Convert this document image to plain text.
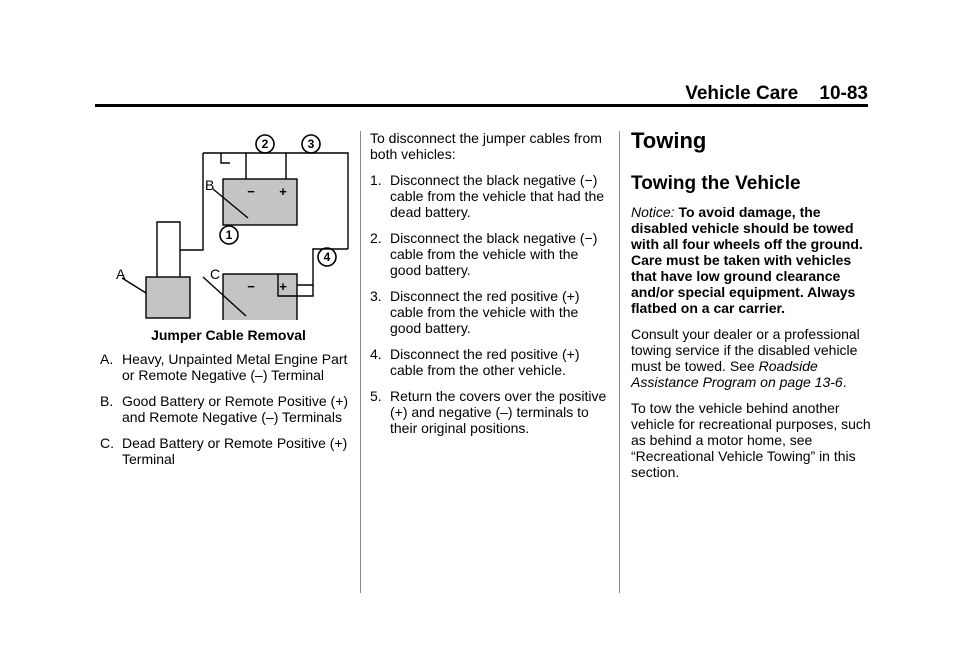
Vehicle Care 10-83
− +
− +
A
B
C
1
2	3
4
Jumper Cable Removal
A. Heavy, Unpainted Metal Engine Part or Remote Negative (–) Terminal
B. Good Battery or Remote Positive (+) and Remote Negative (–) Terminals
C. Dead Battery or Remote Positive (+) Terminal
To disconnect the jumper cables from both vehicles:
1. Disconnect the black negative (−) cable from the vehicle that had the dead battery.
2. Disconnect the black negative (−) cable from the vehicle with the good battery.
3. Disconnect the red positive (+) cable from the vehicle with the good battery.
4. Disconnect the red positive (+) cable from the other vehicle.
5. Return the covers over the positive (+) and negative (–) terminals to their original positions.
Towing
Towing the Vehicle
Notice: To avoid damage, the disabled vehicle should be towed with all four wheels off the ground. Care must be taken with vehicles that have low ground clearance and/or special equipment. Always flatbed on a car carrier.
Consult your dealer or a professional towing service if the disabled vehicle must be towed. See Roadside Assistance Program on page 13-6.
To tow the vehicle behind another vehicle for recreational purposes, such as behind a motor home, see “Recreational Vehicle Towing” in this section.
